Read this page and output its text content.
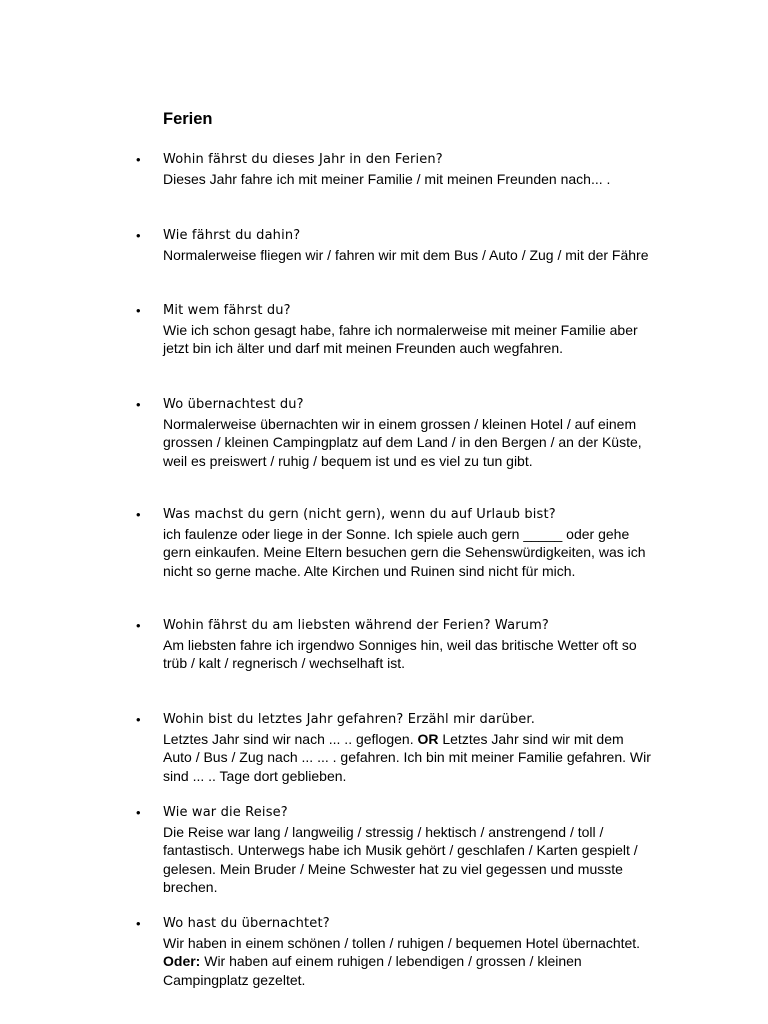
Ferien
• Wohin fährst du dieses Jahr in den Ferien?

Dieses Jahr fahre ich mit meiner Familie / mit meinen Freunden nach... .

• Wie fährst du dahin?

Normalerweise fliegen wir / fahren wir mit dem Bus / Auto / Zug / mit der Fähre

• Mit wem fährst du?

Wie ich schon gesagt habe, fahre ich normalerweise mit meiner Familie aber jetzt bin ich älter und darf mit meinen Freunden auch wegfahren.

• Wo übernachtest du?

Normalerweise übernachten wir in einem grossen / kleinen Hotel / auf einem grossen / kleinen Campingplatz auf dem Land / in den Bergen / an der Küste, weil es preiswert / ruhig / bequem ist und es viel zu tun gibt.

• Was machst du gern (nicht gern), wenn du auf Urlaub bist?

ich faulenze oder liege in der Sonne. Ich spiele auch gern _____ oder gehe gern einkaufen. Meine Eltern besuchen gern die Sehenswürdigkeiten, was ich nicht so gerne mache. Alte Kirchen und Ruinen sind nicht für mich.

• Wohin fährst du am liebsten während der Ferien? Warum?

Am liebsten fahre ich irgendwo Sonniges hin, weil das britische Wetter oft so trüb / kalt / regnerisch / wechselhaft ist.

• Wohin bist du letztes Jahr gefahren? Erzähl mir darüber.

Letztes Jahr sind wir nach ... .. geflogen. OR Letztes Jahr sind wir mit dem Auto / Bus / Zug nach ... ... . gefahren. Ich bin mit meiner Familie gefahren. Wir sind ... .. Tage dort geblieben.

• Wie war die Reise?

Die Reise war lang / langweilig / stressig / hektisch / anstrengend / toll / fantastisch. Unterwegs habe ich Musik gehört / geschlafen / Karten gespielt / gelesen. Mein Bruder / Meine Schwester hat zu viel gegessen und musste brechen.

• Wo hast du übernachtet?

Wir haben in einem schönen / tollen / ruhigen / bequemen Hotel übernachtet. Oder: Wir haben auf einem ruhigen / lebendigen / grossen / kleinen Campingplatz gezeltet.
